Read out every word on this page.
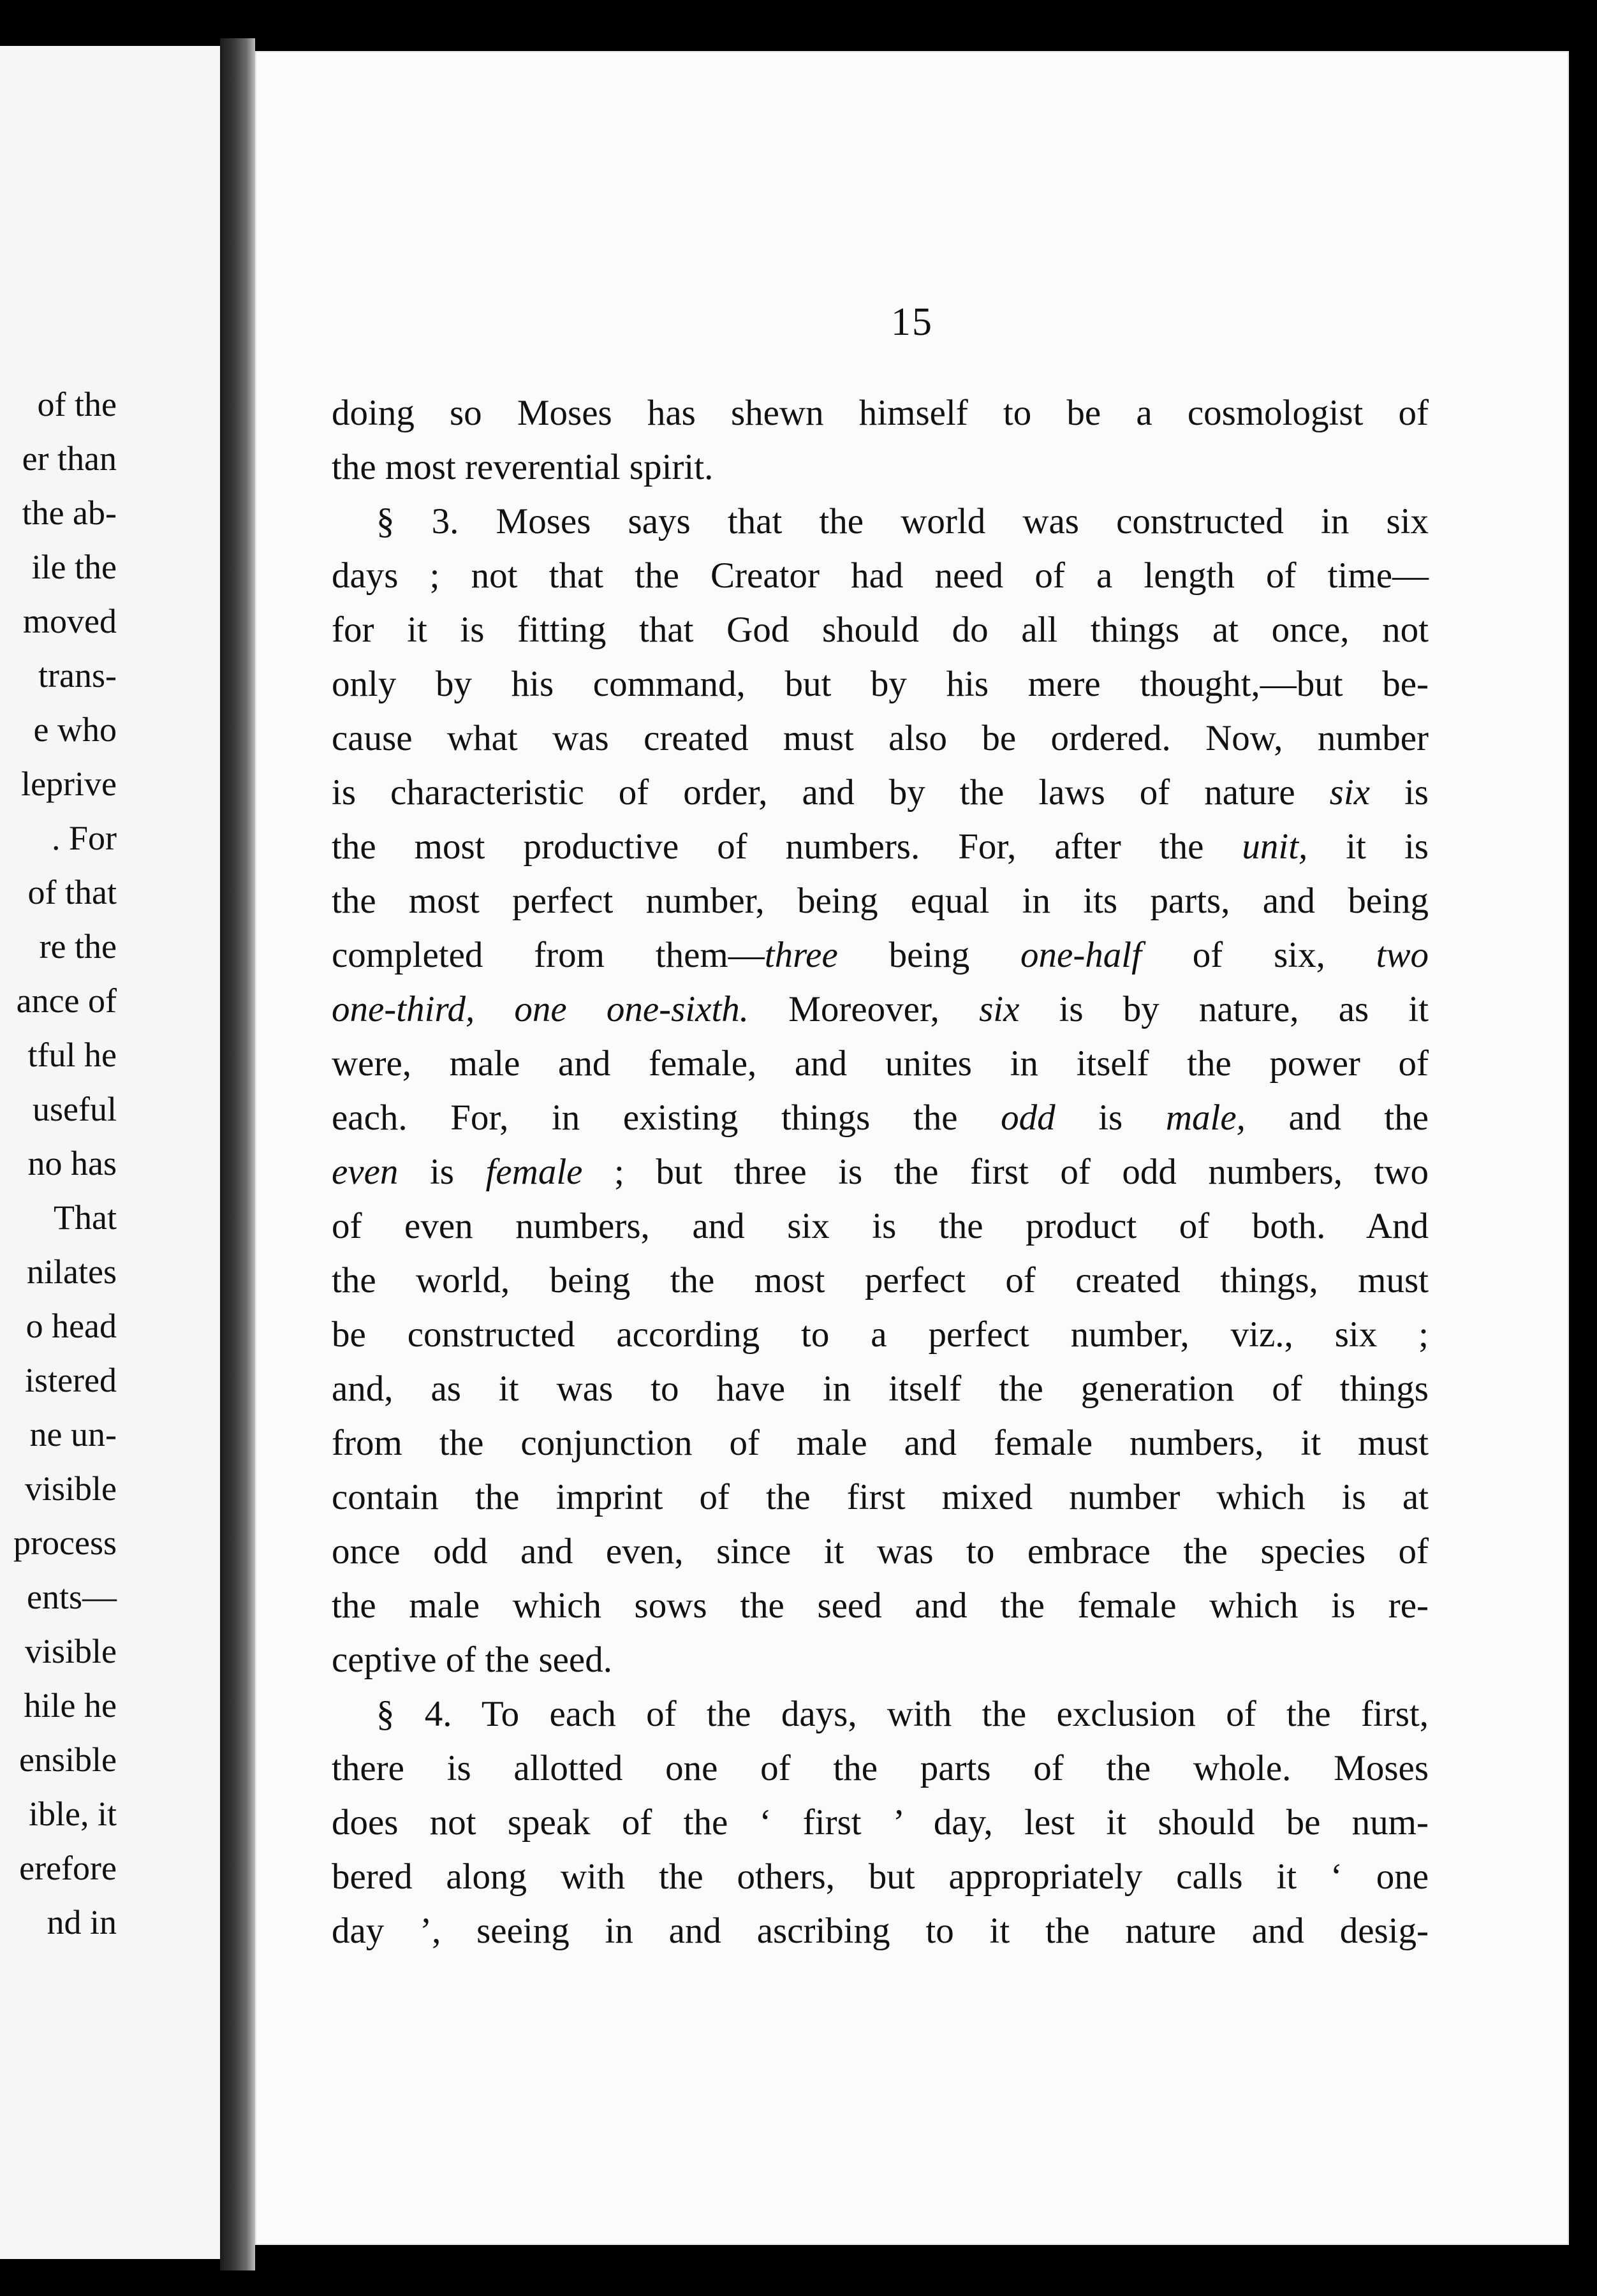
of the
er than
the ab-
ile the
moved
trans-
e who
leprive
. For
of that
re the
ance of
tful he
useful
no has
That
nilates
o head
istered
ne un-
visible
process
ents—
visible
hile he
ensible
ible, it
erefore
nd in
15
doing so Moses has shewn himself to be a cosmologist of
the most reverential spirit.
§ 3. Moses says that the world was constructed in six
days ; not that the Creator had need of a length of time—
for it is fitting that God should do all things at once, not
only by his command, but by his mere thought,—but be-
cause what was created must also be ordered. Now, number
is characteristic of order, and by the laws of nature six is
the most productive of numbers. For, after the unit, it is
the most perfect number, being equal in its parts, and being
completed from them—three being one-half of six, two
one-third, one one-sixth. Moreover, six is by nature, as it
were, male and female, and unites in itself the power of
each. For, in existing things the odd is male, and the
even is female ; but three is the first of odd numbers, two
of even numbers, and six is the product of both. And
the world, being the most perfect of created things, must
be constructed according to a perfect number, viz., six ;
and, as it was to have in itself the generation of things
from the conjunction of male and female numbers, it must
contain the imprint of the first mixed number which is at
once odd and even, since it was to embrace the species of
the male which sows the seed and the female which is re-
ceptive of the seed.
§ 4. To each of the days, with the exclusion of the first,
there is allotted one of the parts of the whole. Moses
does not speak of the ‘ first ’ day, lest it should be num-
bered along with the others, but appropriately calls it ‘ one
day ’, seeing in and ascribing to it the nature and desig-
